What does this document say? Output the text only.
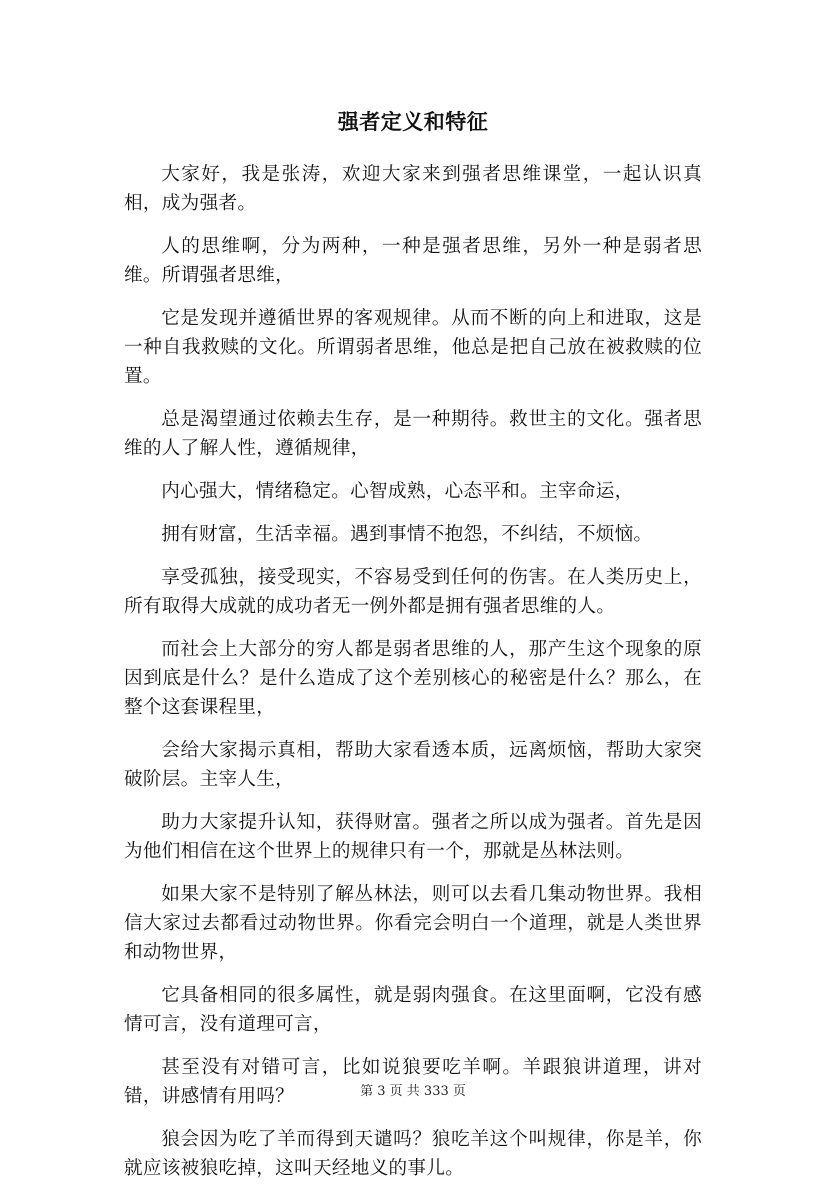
强者定义和特征

大家好，我是张涛，欢迎大家来到强者思维课堂，一起认识真相，成为强者。

人的思维啊，分为两种，一种是强者思维，另外一种是弱者思维。所谓强者思维，

它是发现并遵循世界的客观规律。从而不断的向上和进取，这是一种自我救赎的文化。所谓弱者思维，他总是把自己放在被救赎的位置。

总是渴望通过依赖去生存，是一种期待。救世主的文化。强者思维的人了解人性，遵循规律，

内心强大，情绪稳定。心智成熟，心态平和。主宰命运，

拥有财富，生活幸福。遇到事情不抱怨，不纠结，不烦恼。

享受孤独，接受现实，不容易受到任何的伤害。在人类历史上，所有取得大成就的成功者无一例外都是拥有强者思维的人。

而社会上大部分的穷人都是弱者思维的人，那产生这个现象的原因到底是什么？是什么造成了这个差别核心的秘密是什么？那么，在整个这套课程里，

会给大家揭示真相，帮助大家看透本质，远离烦恼，帮助大家突破阶层。主宰人生，

助力大家提升认知，获得财富。强者之所以成为强者。首先是因为他们相信在这个世界上的规律只有一个，那就是丛林法则。

如果大家不是特别了解丛林法，则可以去看几集动物世界。我相信大家过去都看过动物世界。你看完会明白一个道理，就是人类世界和动物世界，

它具备相同的很多属性，就是弱肉强食。在这里面啊，它没有感情可言，没有道理可言，

甚至没有对错可言，比如说狼要吃羊啊。羊跟狼讲道理，讲对错，讲感情有用吗？

狼会因为吃了羊而得到天谴吗？狼吃羊这个叫规律，你是羊，你就应该被狼吃掉，这叫天经地义的事儿。

第 3 页 共 333 页
